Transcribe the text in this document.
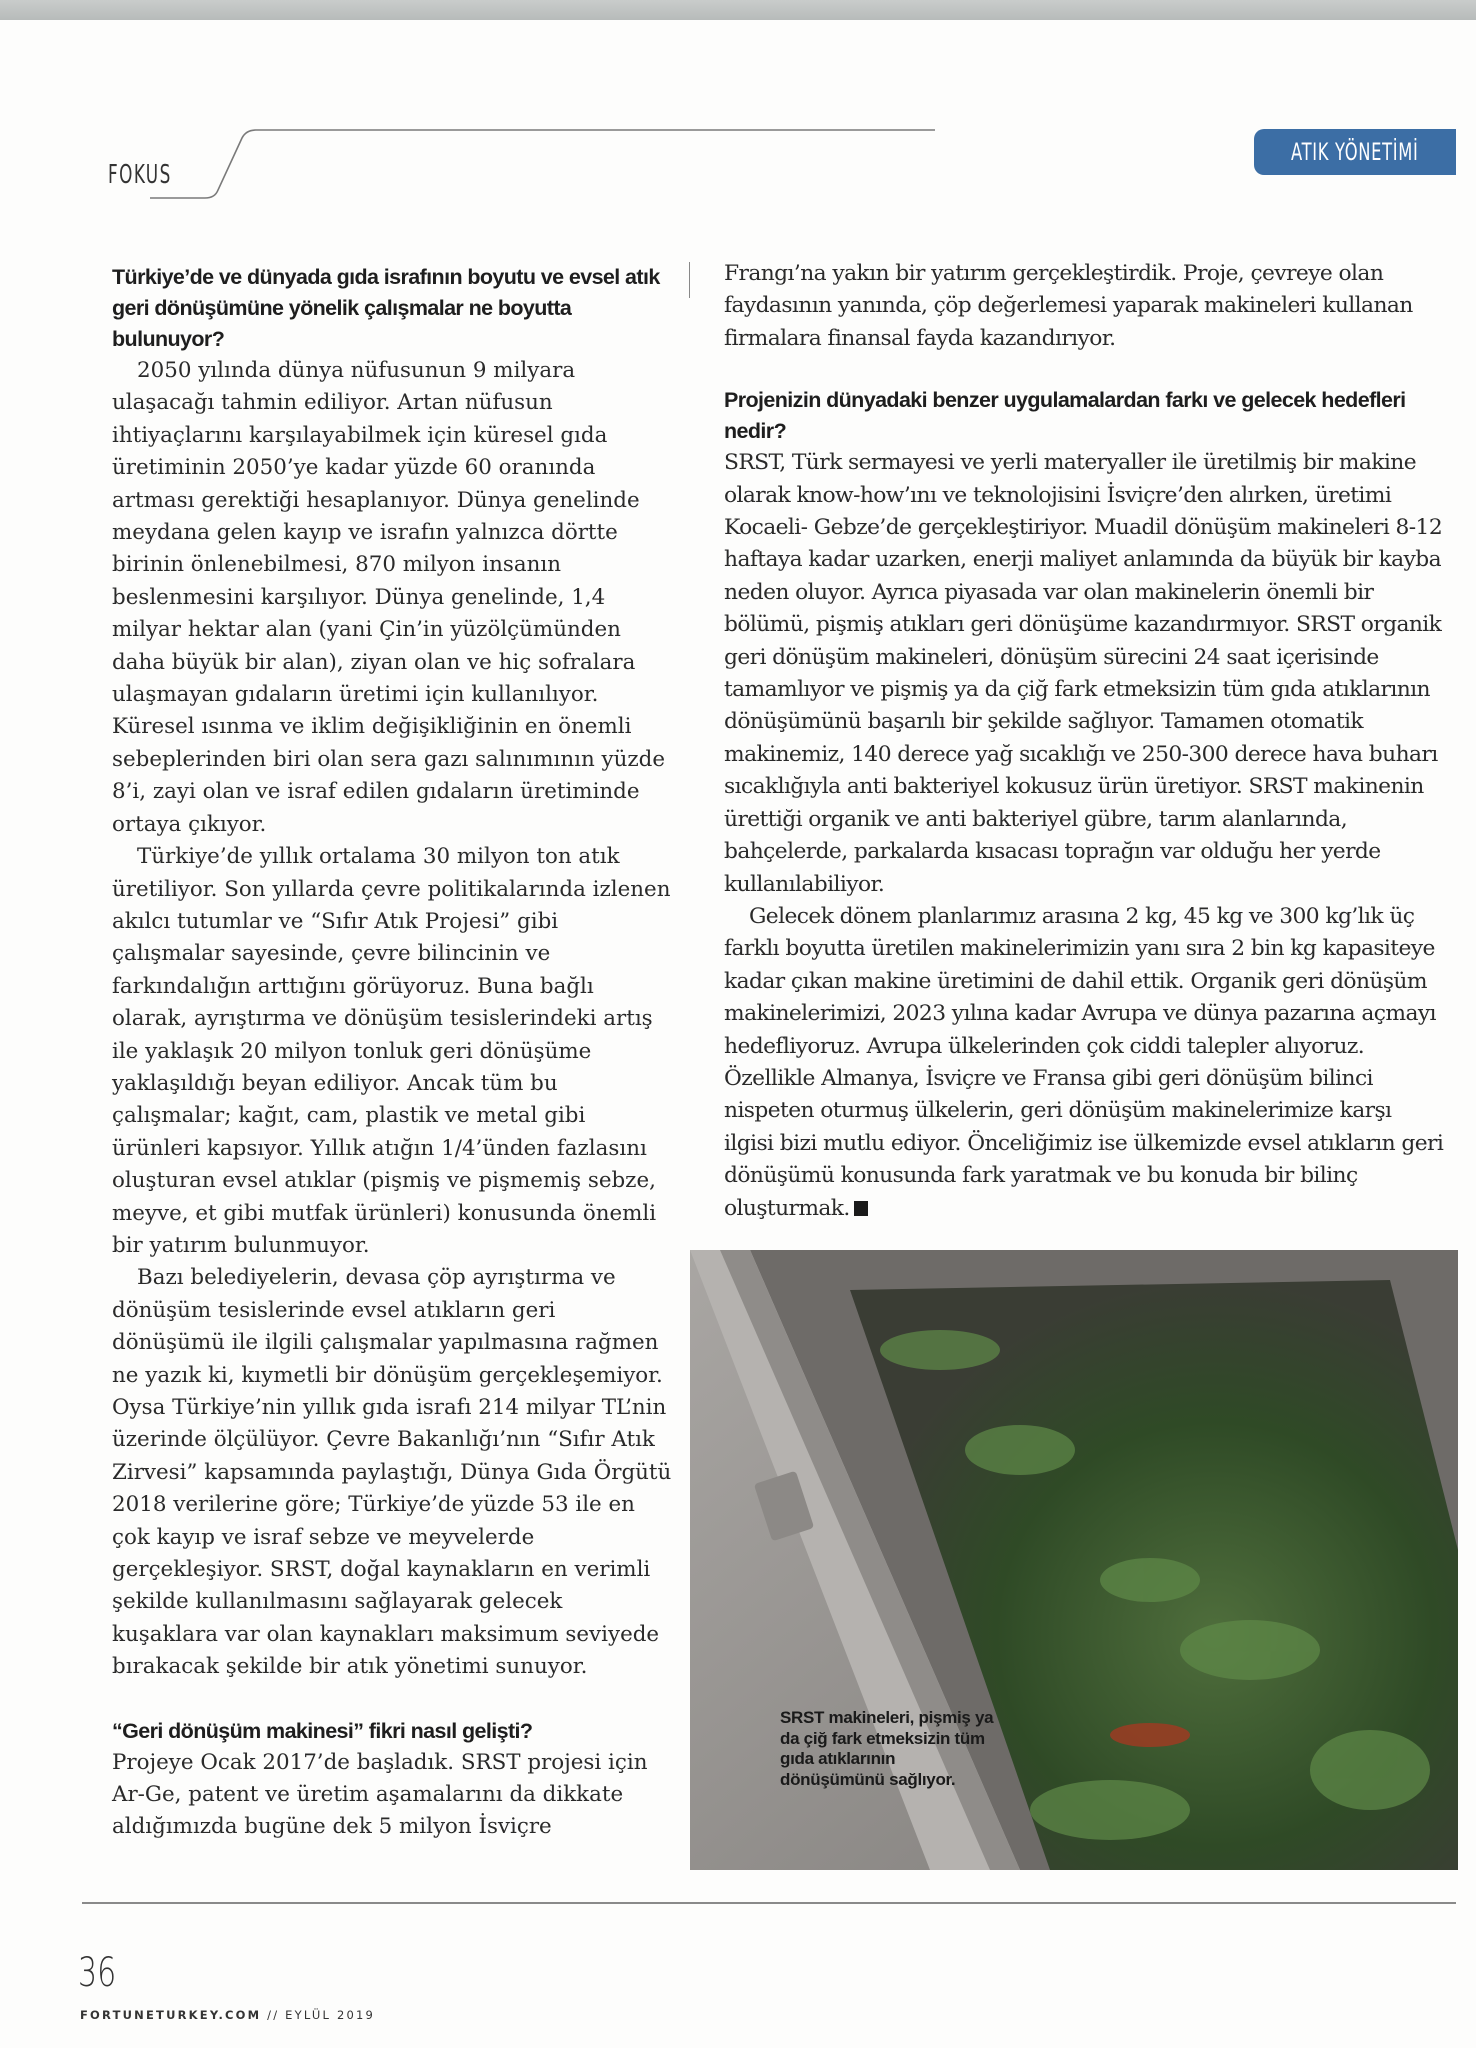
FOKUS
ATIK YÖNETİMİ

Türkiye’de ve dünyada gıda israfının boyutu ve evsel atık geri dönüşümüne yönelik çalışmalar ne boyutta bulunuyor?

2050 yılında dünya nüfusunun 9 milyara ulaşacağı tahmin ediliyor. Artan nüfusun ihtiyaçlarını karşılayabilmek için küresel gıda üretiminin 2050’ye kadar yüzde 60 oranında artması gerektiği hesaplanıyor. Dünya genelinde meydana gelen kayıp ve israfın yalnızca dörtte birinin önlenebilmesi, 870 milyon insanın beslenmesini karşılıyor. Dünya genelinde, 1,4 milyar hektar alan (yani Çin’in yüzölçümünden daha büyük bir alan), ziyan olan ve hiç sofralara ulaşmayan gıdaların üretimi için kullanılıyor. Küresel ısınma ve iklim değişikliğinin en önemli sebeplerinden biri olan sera gazı salınımının yüzde 8’i, zayi olan ve israf edilen gıdaların üretiminde ortaya çıkıyor.

Türkiye’de yıllık ortalama 30 milyon ton atık üretiliyor. Son yıllarda çevre politikalarında izlenen akılcı tutumlar ve “Sıfır Atık Projesi” gibi çalışmalar sayesinde, çevre bilincinin ve farkındalığın arttığını görüyoruz. Buna bağlı olarak, ayrıştırma ve dönüşüm tesislerindeki artış ile yaklaşık 20 milyon tonluk geri dönüşüme yaklaşıldığı beyan ediliyor. Ancak tüm bu çalışmalar; kağıt, cam, plastik ve metal gibi ürünleri kapsıyor. Yıllık atığın 1/4’ünden fazlasını oluşturan evsel atıklar (pişmiş ve pişmemiş sebze, meyve, et gibi mutfak ürünleri) konusunda önemli bir yatırım bulunmuyor.

Bazı belediyelerin, devasa çöp ayrıştırma ve dönüşüm tesislerinde evsel atıkların geri dönüşümü ile ilgili çalışmalar yapılmasına rağmen ne yazık ki, kıymetli bir dönüşüm gerçekleşemiyor. Oysa Türkiye’nin yıllık gıda israfı 214 milyar TL’nin üzerinde ölçülüyor. Çevre Bakanlığı’nın “Sıfır Atık Zirvesi” kapsamında paylaştığı, Dünya Gıda Örgütü 2018 verilerine göre; Türkiye’de yüzde 53 ile en çok kayıp ve israf sebze ve meyvelerde gerçekleşiyor. SRST, doğal kaynakların en verimli şekilde kullanılmasını sağlayarak gelecek kuşaklara var olan kaynakları maksimum seviyede bırakacak şekilde bir atık yönetimi sunuyor.

“Geri dönüşüm makinesi” fikri nasıl gelişti?

Projeye Ocak 2017’de başladık. SRST projesi için Ar-Ge, patent ve üretim aşamalarını da dikkate aldığımızda bugüne dek 5 milyon İsviçre

Frangı’na yakın bir yatırım gerçekleştirdik. Proje, çevreye olan faydasının yanında, çöp değerlemesi yaparak makineleri kullanan firmalara finansal fayda kazandırıyor.

Projenizin dünyadaki benzer uygulamalardan farkı ve gelecek hedefleri nedir?

SRST, Türk sermayesi ve yerli materyaller ile üretilmiş bir makine olarak know-how’ını ve teknolojisini İsviçre’den alırken, üretimi Kocaeli- Gebze’de gerçekleştiriyor. Muadil dönüşüm makineleri 8-12 haftaya kadar uzarken, enerji maliyet anlamında da büyük bir kayba neden oluyor. Ayrıca piyasada var olan makinelerin önemli bir bölümü, pişmiş atıkları geri dönüşüme kazandırmıyor. SRST organik geri dönüşüm makineleri, dönüşüm sürecini 24 saat içerisinde tamamlıyor ve pişmiş ya da çiğ fark etmeksizin tüm gıda atıklarının dönüşümünü başarılı bir şekilde sağlıyor. Tamamen otomatik makinemiz, 140 derece yağ sıcaklığı ve 250-300 derece hava buharı sıcaklığıyla anti bakteriyel kokusuz ürün üretiyor. SRST makinenin ürettiği organik ve anti bakteriyel gübre, tarım alanlarında, bahçelerde, parkalarda kısacası toprağın var olduğu her yerde kullanılabiliyor.

Gelecek dönem planlarımız arasına 2 kg, 45 kg ve 300 kg’lık üç farklı boyutta üretilen makinelerimizin yanı sıra 2 bin kg kapasiteye kadar çıkan makine üretimini de dahil ettik. Organik geri dönüşüm makinelerimizi, 2023 yılına kadar Avrupa ve dünya pazarına açmayı hedefliyoruz. Avrupa ülkelerinden çok ciddi talepler alıyoruz. Özellikle Almanya, İsviçre ve Fransa gibi geri dönüşüm bilinci nispeten oturmuş ülkelerin, geri dönüşüm makinelerimize karşı ilgisi bizi mutlu ediyor. Önceliğimiz ise ülkemizde evsel atıkların geri dönüşümü konusunda fark yaratmak ve bu konuda bir bilinç oluşturmak.

SRST makineleri, pişmiş ya da çiğ fark etmeksizin tüm gıda atıklarının dönüşümünü sağlıyor.
36
FORTUNETURKEY.COM // EYLÜL 2019
